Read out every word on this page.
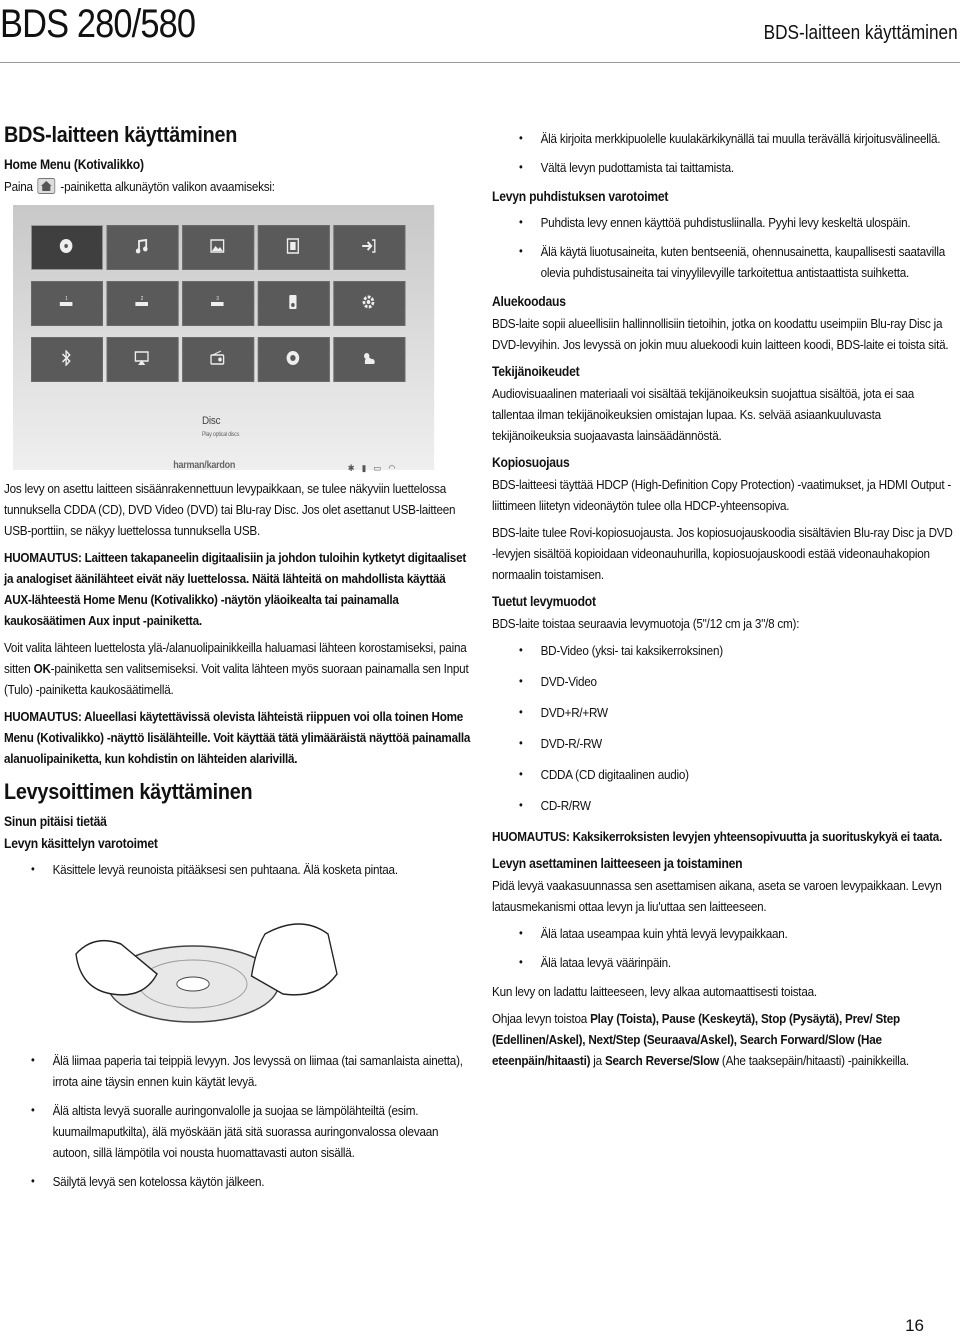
BDS 280/580	BDS-laitteen käyttäminen
BDS-laitteen käyttäminen
Home Menu (Kotivalikko)

Paina -painiketta alkunäytön valikon avaamiseksi:

1	2	3
Disc
Play optical discs
harman/kardon	✱▮▭◠

Jos levy on asettu laitteen sisäänrakennettuun levypaikkaan, se tulee näkyviin luettelossa tunnuksella CDDA (CD), DVD Video (DVD) tai Blu-ray Disc. Jos olet asettanut USB-laitteen USB-porttiin, se näkyy luettelossa tunnuksella USB.

HUOMAUTUS: Laitteen takapaneelin digitaalisiin ja johdon tuloihin kytketyt digitaaliset ja analogiset äänilähteet eivät näy luettelossa. Näitä lähteitä on mahdollista käyttää AUX-lähteestä Home Menu (Kotivalikko) -näytön yläoikealta tai painamalla kaukosäätimen Aux input -painiketta.

Voit valita lähteen luettelosta ylä-/alanuolipainikkeilla haluamasi lähteen korostamiseksi, paina sitten OK-painiketta sen valitsemiseksi. Voit valita lähteen myös suoraan painamalla sen Input (Tulo) -painiketta kaukosäätimellä.

HUOMAUTUS: Alueellasi käytettävissä olevista lähteistä riippuen voi olla toinen Home Menu (Kotivalikko) -näyttö lisälähteille. Voit käyttää tätä ylimääräistä näyttöä painamalla alanuolipainiketta, kun kohdistin on lähteiden alarivillä.

Levysoittimen käyttäminen
Sinun pitäisi tietää
Levyn käsittelyn varotoimet
• Käsittele levyä reunoista pitääksesi sen puhtaana. Älä kosketa pintaa.
• Älä liimaa paperia tai teippiä levyyn. Jos levyssä on liimaa (tai samanlaista ainetta), irrota aine täysin ennen kuin käytät levyä.
• Älä altista levyä suoralle auringonvalolle ja suojaa se lämpölähteiltä (esim. kuumailmaputkilta), älä myöskään jätä sitä suorassa auringonvalossa olevaan autoon, sillä lämpötila voi nousta huomattavasti auton sisällä.
• Säilytä levyä sen kotelossa käytön jälkeen.
• Älä kirjoita merkkipuolelle kuulakärkikynällä tai muulla terävällä kirjoitusvälineellä.
• Vältä levyn pudottamista tai taittamista.
Levyn puhdistuksen varotoimet
• Puhdista levy ennen käyttöä puhdistusliinalla. Pyyhi levy keskeltä ulospäin.
• Älä käytä liuotusaineita, kuten bentseeniä, ohennusainetta, kaupallisesti saatavilla olevia puhdistusaineita tai vinyylilevyille tarkoitettua antistaattista suihketta.
Aluekoodaus

BDS-laite sopii alueellisiin hallinnollisiin tietoihin, jotka on koodattu useimpiin Blu-ray Disc ja DVD-levyihin. Jos levyssä on jokin muu aluekoodi kuin laitteen koodi, BDS-laite ei toista sitä.

Tekijänoikeudet

Audiovisuaalinen materiaali voi sisältää tekijänoikeuksin suojattua sisältöä, jota ei saa tallentaa ilman tekijänoikeuksien omistajan lupaa. Ks. selvää asiaankuuluvasta tekijänoikeuksia suojaavasta lainsäädännöstä.

Kopiosuojaus

BDS-laitteesi täyttää HDCP (High-Definition Copy Protection) -vaatimukset, ja HDMI Output -liittimeen liitetyn videonäytön tulee olla HDCP-yhteensopiva.

BDS-laite tulee Rovi-kopiosuojausta. Jos kopiosuojauskoodia sisältävien Blu-ray Disc ja DVD -levyjen sisältöä kopioidaan videonauhurilla, kopiosuojauskoodi estää videonauhakopion normaalin toistamisen.

Tuetut levymuodot

BDS-laite toistaa seuraavia levymuotoja (5"/12 cm ja 3"/8 cm):

• BD-Video (yksi- tai kaksikerroksinen)
• DVD-Video
• DVD+R/+RW
• DVD-R/-RW
• CDDA (CD digitaalinen audio)
• CD-R/RW

HUOMAUTUS: Kaksikerroksisten levyjen yhteensopivuutta ja suorituskykyä ei taata.

Levyn asettaminen laitteeseen ja toistaminen

Pidä levyä vaakasuunnassa sen asettamisen aikana, aseta se varoen levypaikkaan. Levyn latausmekanismi ottaa levyn ja liu'uttaa sen laitteeseen.

• Älä lataa useampaa kuin yhtä levyä levypaikkaan.
• Älä lataa levyä väärinpäin.

Kun levy on ladattu laitteeseen, levy alkaa automaattisesti toistaa.

Ohjaa levyn toistoa Play (Toista), Pause (Keskeytä), Stop (Pysäytä), Prev/ Step (Edellinen/Askel), Next/Step (Seuraava/Askel), Search Forward/Slow (Hae eteenpäin/hitaasti) ja Search Reverse/Slow (Ahe taaksepäin/hitaasti) -painikkeilla.

16
